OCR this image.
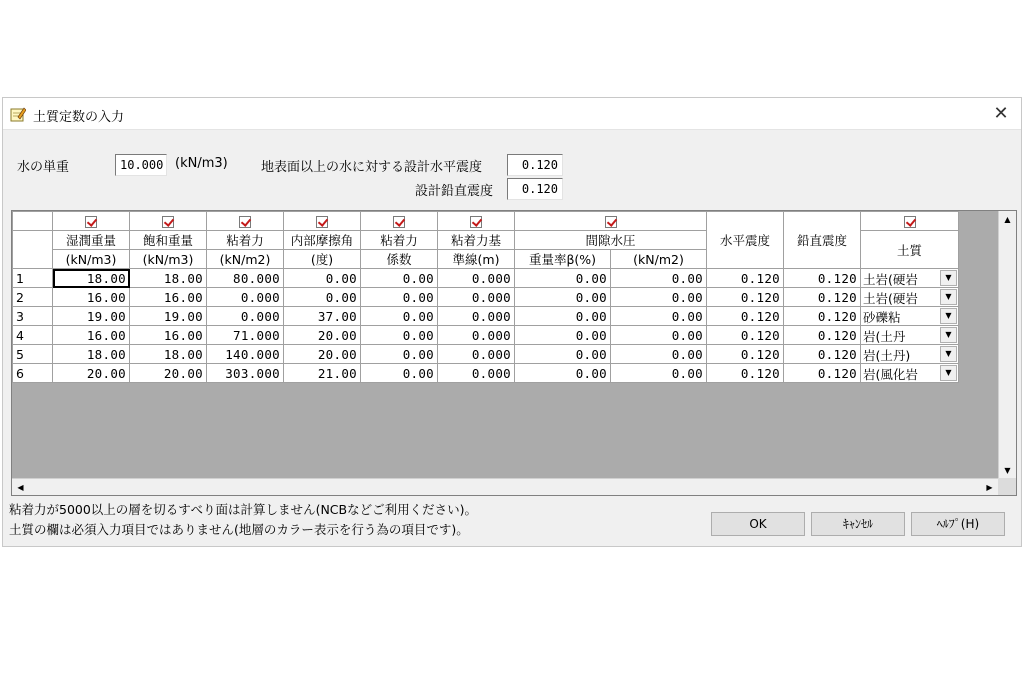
土質定数の入力	✕
水の単重	10.000 (kN/m3)	地表面以上の水に対する設計水平震度	0.120
設計鉛直震度	0.120
									水平震度	鉛直震度	
	湿潤重量	飽和重量	粘着力	内部摩擦角	粘着力	粘着力基	間隙水圧				土質
	(kN/m3)	(kN/m3)	(kN/m2)	(度)	係数	準線(m)	重量率β(%)	(kN/m2)			
1	18.00	18.00	80.000	0.00	0.00	0.000	0.00	0.00	0.120	0.120	土岩(硬岩 ▼

2	16.00	16.00	0.000	0.00	0.00	0.000	0.00	0.00	0.120	0.120	土岩(硬岩 ▼

3	19.00	19.00	0.000	37.00	0.00	0.000	0.00	0.00	0.120	0.120	砂礫粘 ▼

4	16.00	16.00	71.000	20.00	0.00	0.000	0.00	0.00	0.120	0.120	岩(土丹 ▼

5	18.00	18.00	140.000	20.00	0.00	0.000	0.00	0.00	0.120	0.120	岩(土丹) ▼

6	20.00	20.00	303.000	21.00	0.00	0.000	0.00	0.00	0.120	0.120	岩(風化岩 ▼
▲
▼
◀	▶
粘着力が5000以上の層を切るすべり面は計算しません(NCBなどご利用ください)。
土質の欄は必須入力項目ではありません(地層のカラー表示を行う為の項目です)。	OK	ｷｬﾝｾﾙ	ﾍﾙﾌﾟ(H)
